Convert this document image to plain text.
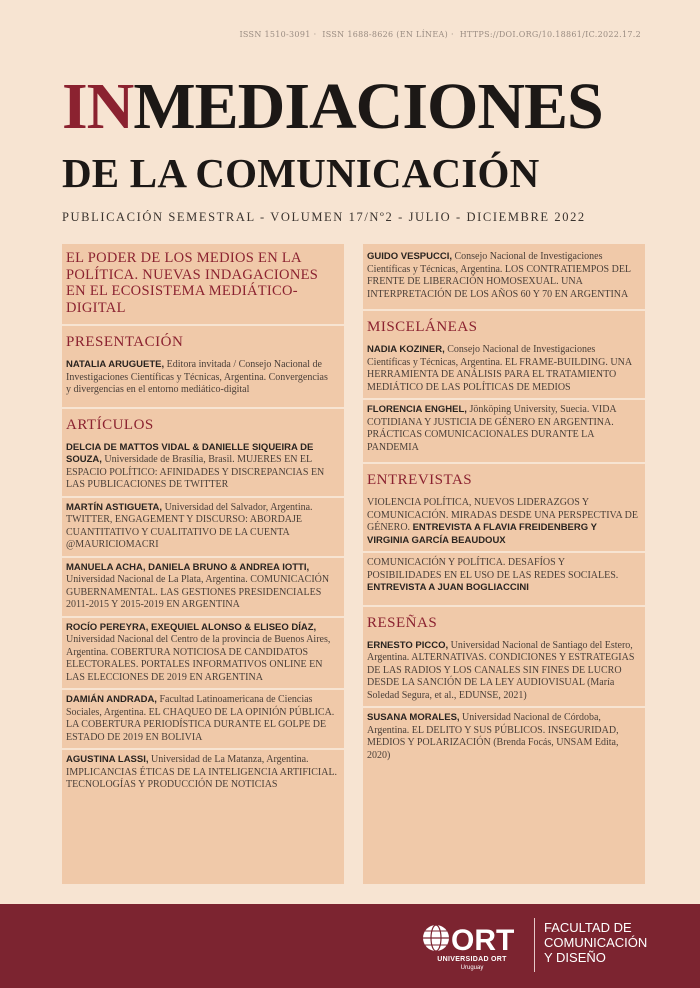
ISSN 1510-3091 · ISSN 1688-8626 (EN LÍNEA) · HTTPS://DOI.ORG/10.18861/IC.2022.17.2
INMEDIACIONES
DE LA COMUNICACIÓN
PUBLICACIÓN SEMESTRAL - VOLUMEN 17/Nº2 - JULIO - DICIEMBRE 2022
EL PODER DE LOS MEDIOS EN LA POLÍTICA. NUEVAS INDAGACIONES EN EL ECOSISTEMA MEDIÁTICO-DIGITAL
PRESENTACIÓN
NATALIA ARUGUETE, Editora invitada / Consejo Nacional de Investigaciones Científicas y Técnicas, Argentina. Convergencias y divergencias en el entorno mediático-digital
ARTÍCULOS
DELCIA DE MATTOS VIDAL & DANIELLE SIQUEIRA DE SOUZA, Universidade de Brasília, Brasil. MUJERES EN EL ESPACIO POLÍTICO: AFINIDADES Y DISCREPANCIAS EN LAS PUBLICACIONES DE TWITTER
MARTÍN ASTIGUETA, Universidad del Salvador, Argentina. TWITTER, ENGAGEMENT Y DISCURSO: ABORDAJE CUANTITATIVO Y CUALITATIVO DE LA CUENTA @MAURICIOMACRI
MANUELA ACHA, DANIELA BRUNO & ANDREA IOTTI, Universidad Nacional de La Plata, Argentina. COMUNICACIÓN GUBERNAMENTAL. LAS GESTIONES PRESIDENCIALES 2011-2015 Y 2015-2019 EN ARGENTINA
ROCÍO PEREYRA, EXEQUIEL ALONSO & ELISEO DÍAZ, Universidad Nacional del Centro de la provincia de Buenos Aires, Argentina. COBERTURA NOTICIOSA DE CANDIDATOS ELECTORALES. PORTALES INFORMATIVOS ONLINE EN LAS ELECCIONES DE 2019 EN ARGENTINA
DAMIÁN ANDRADA, Facultad Latinoamericana de Ciencias Sociales, Argentina. EL CHAQUEO DE LA OPINIÓN PÚBLICA. LA COBERTURA PERIODÍSTICA DURANTE EL GOLPE DE ESTADO DE 2019 EN BOLIVIA
AGUSTINA LASSI, Universidad de La Matanza, Argentina. IMPLICANCIAS ÉTICAS DE LA INTELIGENCIA ARTIFICIAL. TECNOLOGÍAS Y PRODUCCIÓN DE NOTICIAS
GUIDO VESPUCCI, Consejo Nacional de Investigaciones Científicas y Técnicas, Argentina. LOS CONTRATIEMPOS DEL FRENTE DE LIBERACIÓN HOMOSEXUAL. UNA INTERPRETACIÓN DE LOS AÑOS 60 Y 70 EN ARGENTINA
MISCELÁNEAS
NADIA KOZINER, Consejo Nacional de Investigaciones Científicas y Técnicas, Argentina. EL FRAME-BUILDING. UNA HERRAMIENTA DE ANÁLISIS PARA EL TRATAMIENTO MEDIÁTICO DE LAS POLÍTICAS DE MEDIOS
FLORENCIA ENGHEL, Jönköping University, Suecia. VIDA COTIDIANA Y JUSTICIA DE GÉNERO EN ARGENTINA. PRÁCTICAS COMUNICACIONALES DURANTE LA PANDEMIA
ENTREVISTAS
VIOLENCIA POLÍTICA, NUEVOS LIDERAZGOS Y COMUNICACIÓN. MIRADAS DESDE UNA PERSPECTIVA DE GÉNERO. ENTREVISTA A FLAVIA FREIDENBERG Y VIRGINIA GARCÍA BEAUDOUX
COMUNICACIÓN Y POLÍTICA. DESAFÍOS Y POSIBILIDADES EN EL USO DE LAS REDES SOCIALES. ENTREVISTA A JUAN BOGLIACCINI
RESEÑAS
ERNESTO PICCO, Universidad Nacional de Santiago del Estero, Argentina. ALTERNATIVAS. CONDICIONES Y ESTRATEGIAS DE LAS RADIOS Y LOS CANALES SIN FINES DE LUCRO DESDE LA SANCIÓN DE LA LEY AUDIOVISUAL (María Soledad Segura, et al., EDUNSE, 2021)
SUSANA MORALES, Universidad Nacional de Córdoba, Argentina. EL DELITO Y SUS PÚBLICOS. INSEGURIDAD, MEDIOS Y POLARIZACIÓN (Brenda Focás, UNSAM Edita, 2020)
ORT
UNIVERSIDAD ORT
Uruguay
FACULTAD DE
COMUNICACIÓN
Y DISEÑO
